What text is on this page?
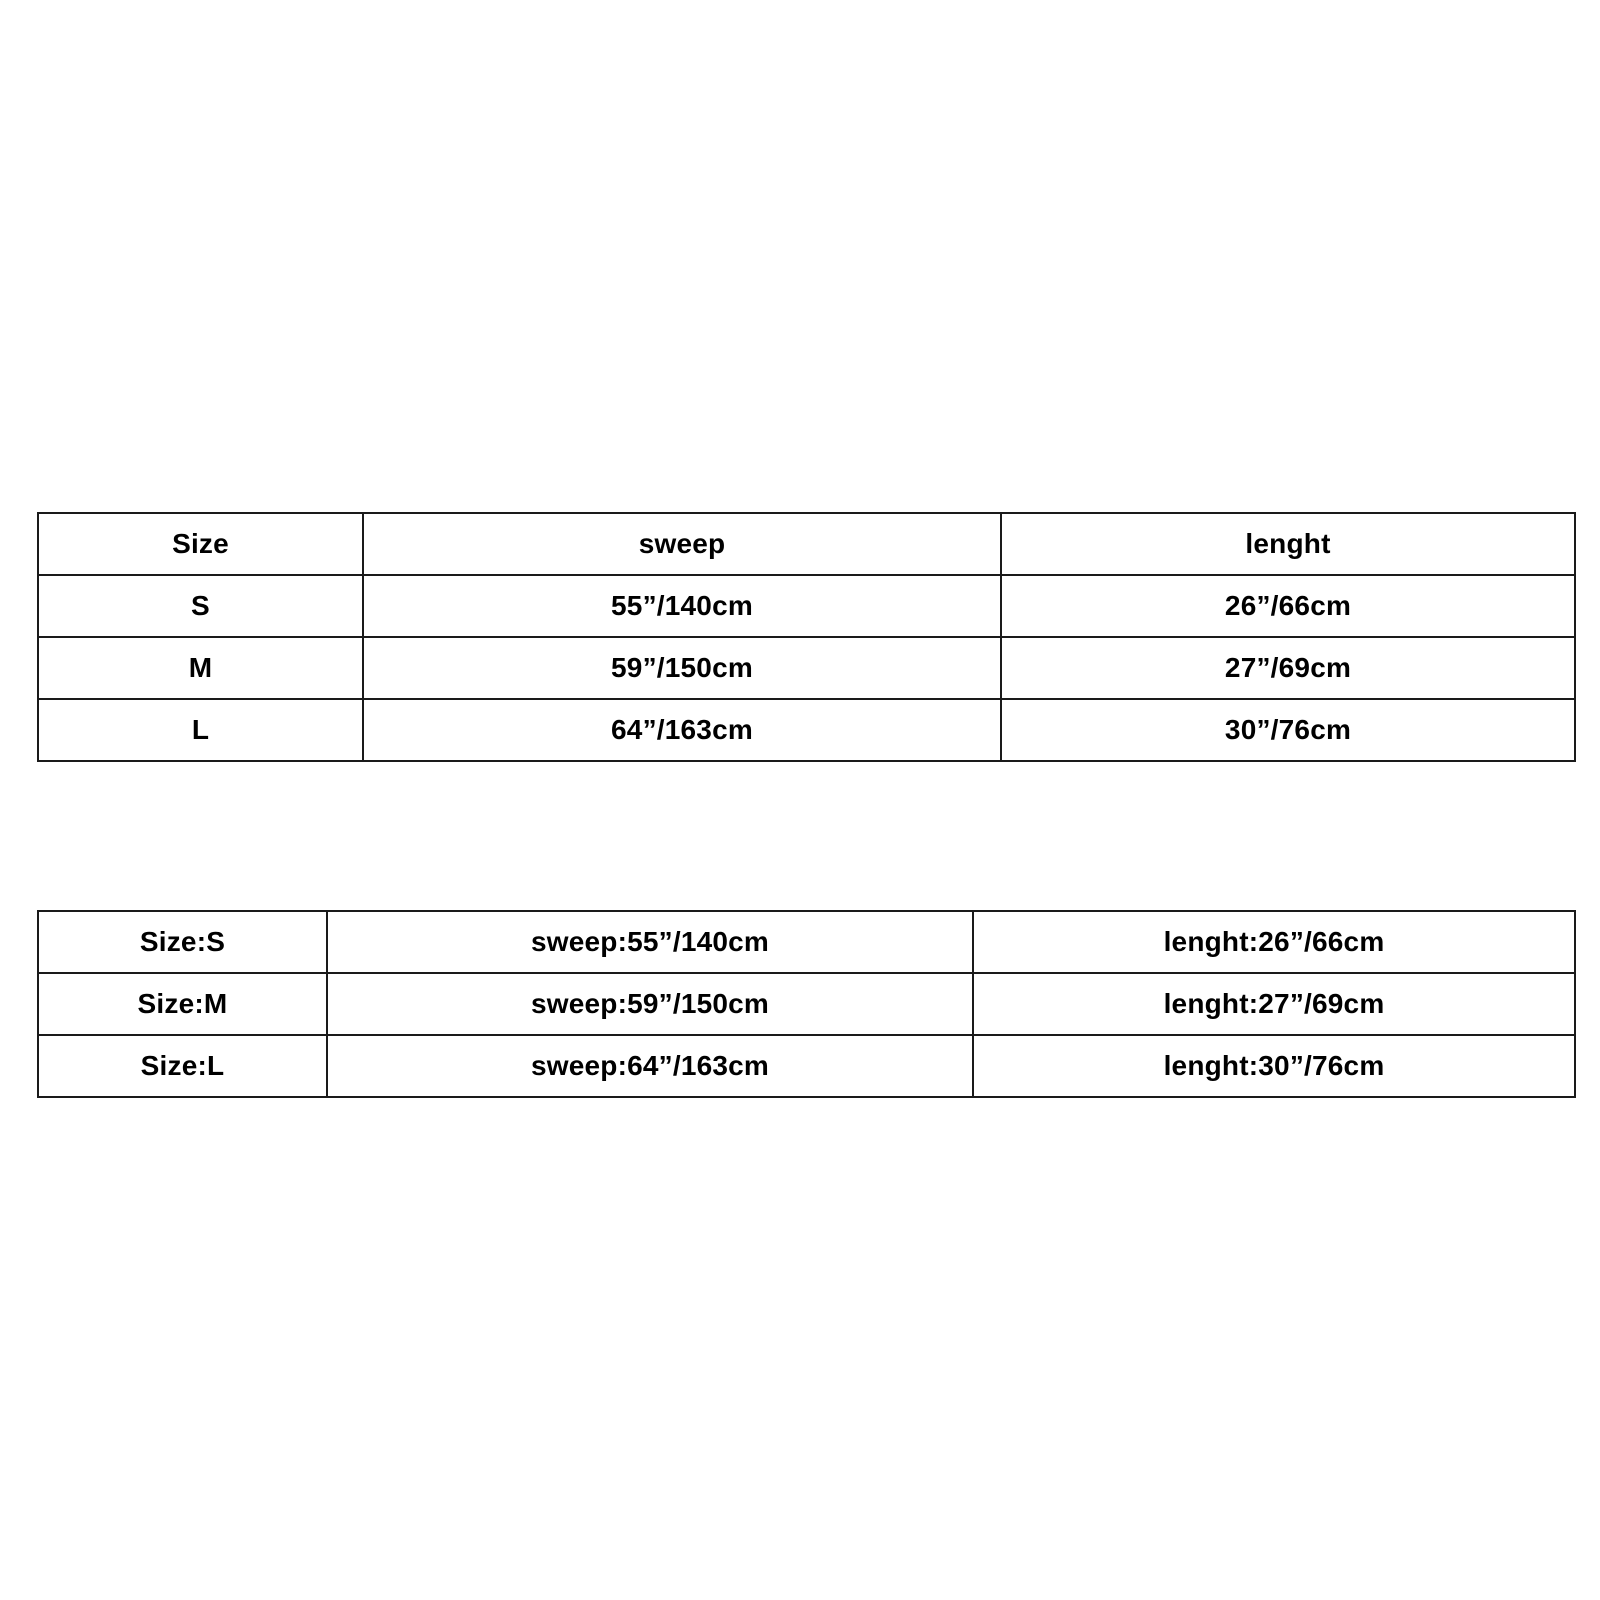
Size	sweep	lenght
S	55”/140cm	26”/66cm
M	59”/150cm	27”/69cm
L	64”/163cm	30”/76cm
Size:S	sweep:55”/140cm	lenght:26”/66cm
Size:M	sweep:59”/150cm	lenght:27”/69cm
Size:L	sweep:64”/163cm	lenght:30”/76cm
